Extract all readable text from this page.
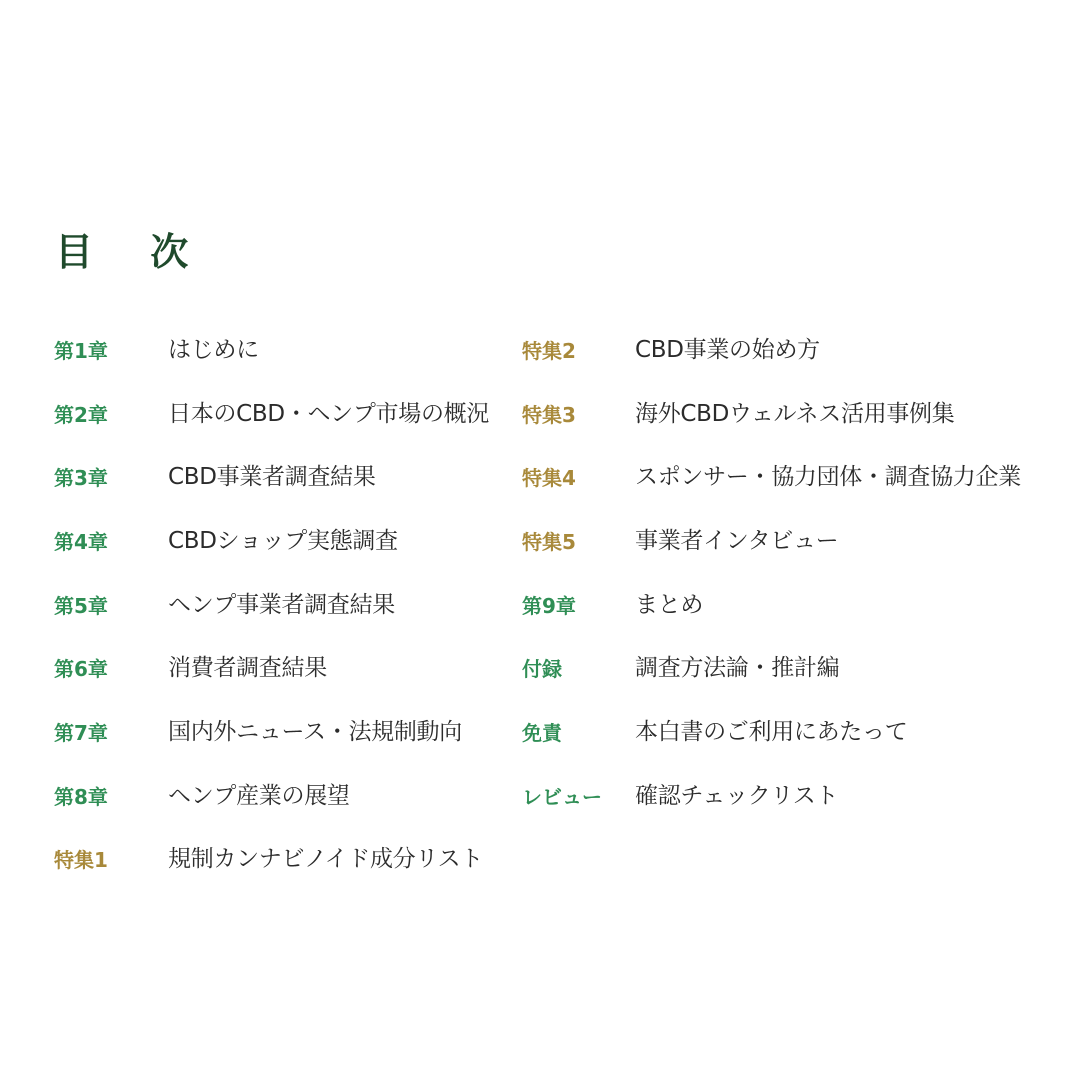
目 次
第1章	はじめに
第2章	日本のCBD・ヘンプ市場の概況
第3章	CBD事業者調査結果
第4章	CBDショップ実態調査
第5章	ヘンプ事業者調査結果
第6章	消費者調査結果
第7章	国内外ニュース・法規制動向
第8章	ヘンプ産業の展望
特集1	規制カンナビノイド成分リスト
特集2	CBD事業の始め方
特集3	海外CBDウェルネス活用事例集
特集4	スポンサー・協力団体・調査協力企業
特集5	事業者インタビュー
第9章	まとめ
付録	調査方法論・推計編
免責	本白書のご利用にあたって
レビュー	確認チェックリスト
